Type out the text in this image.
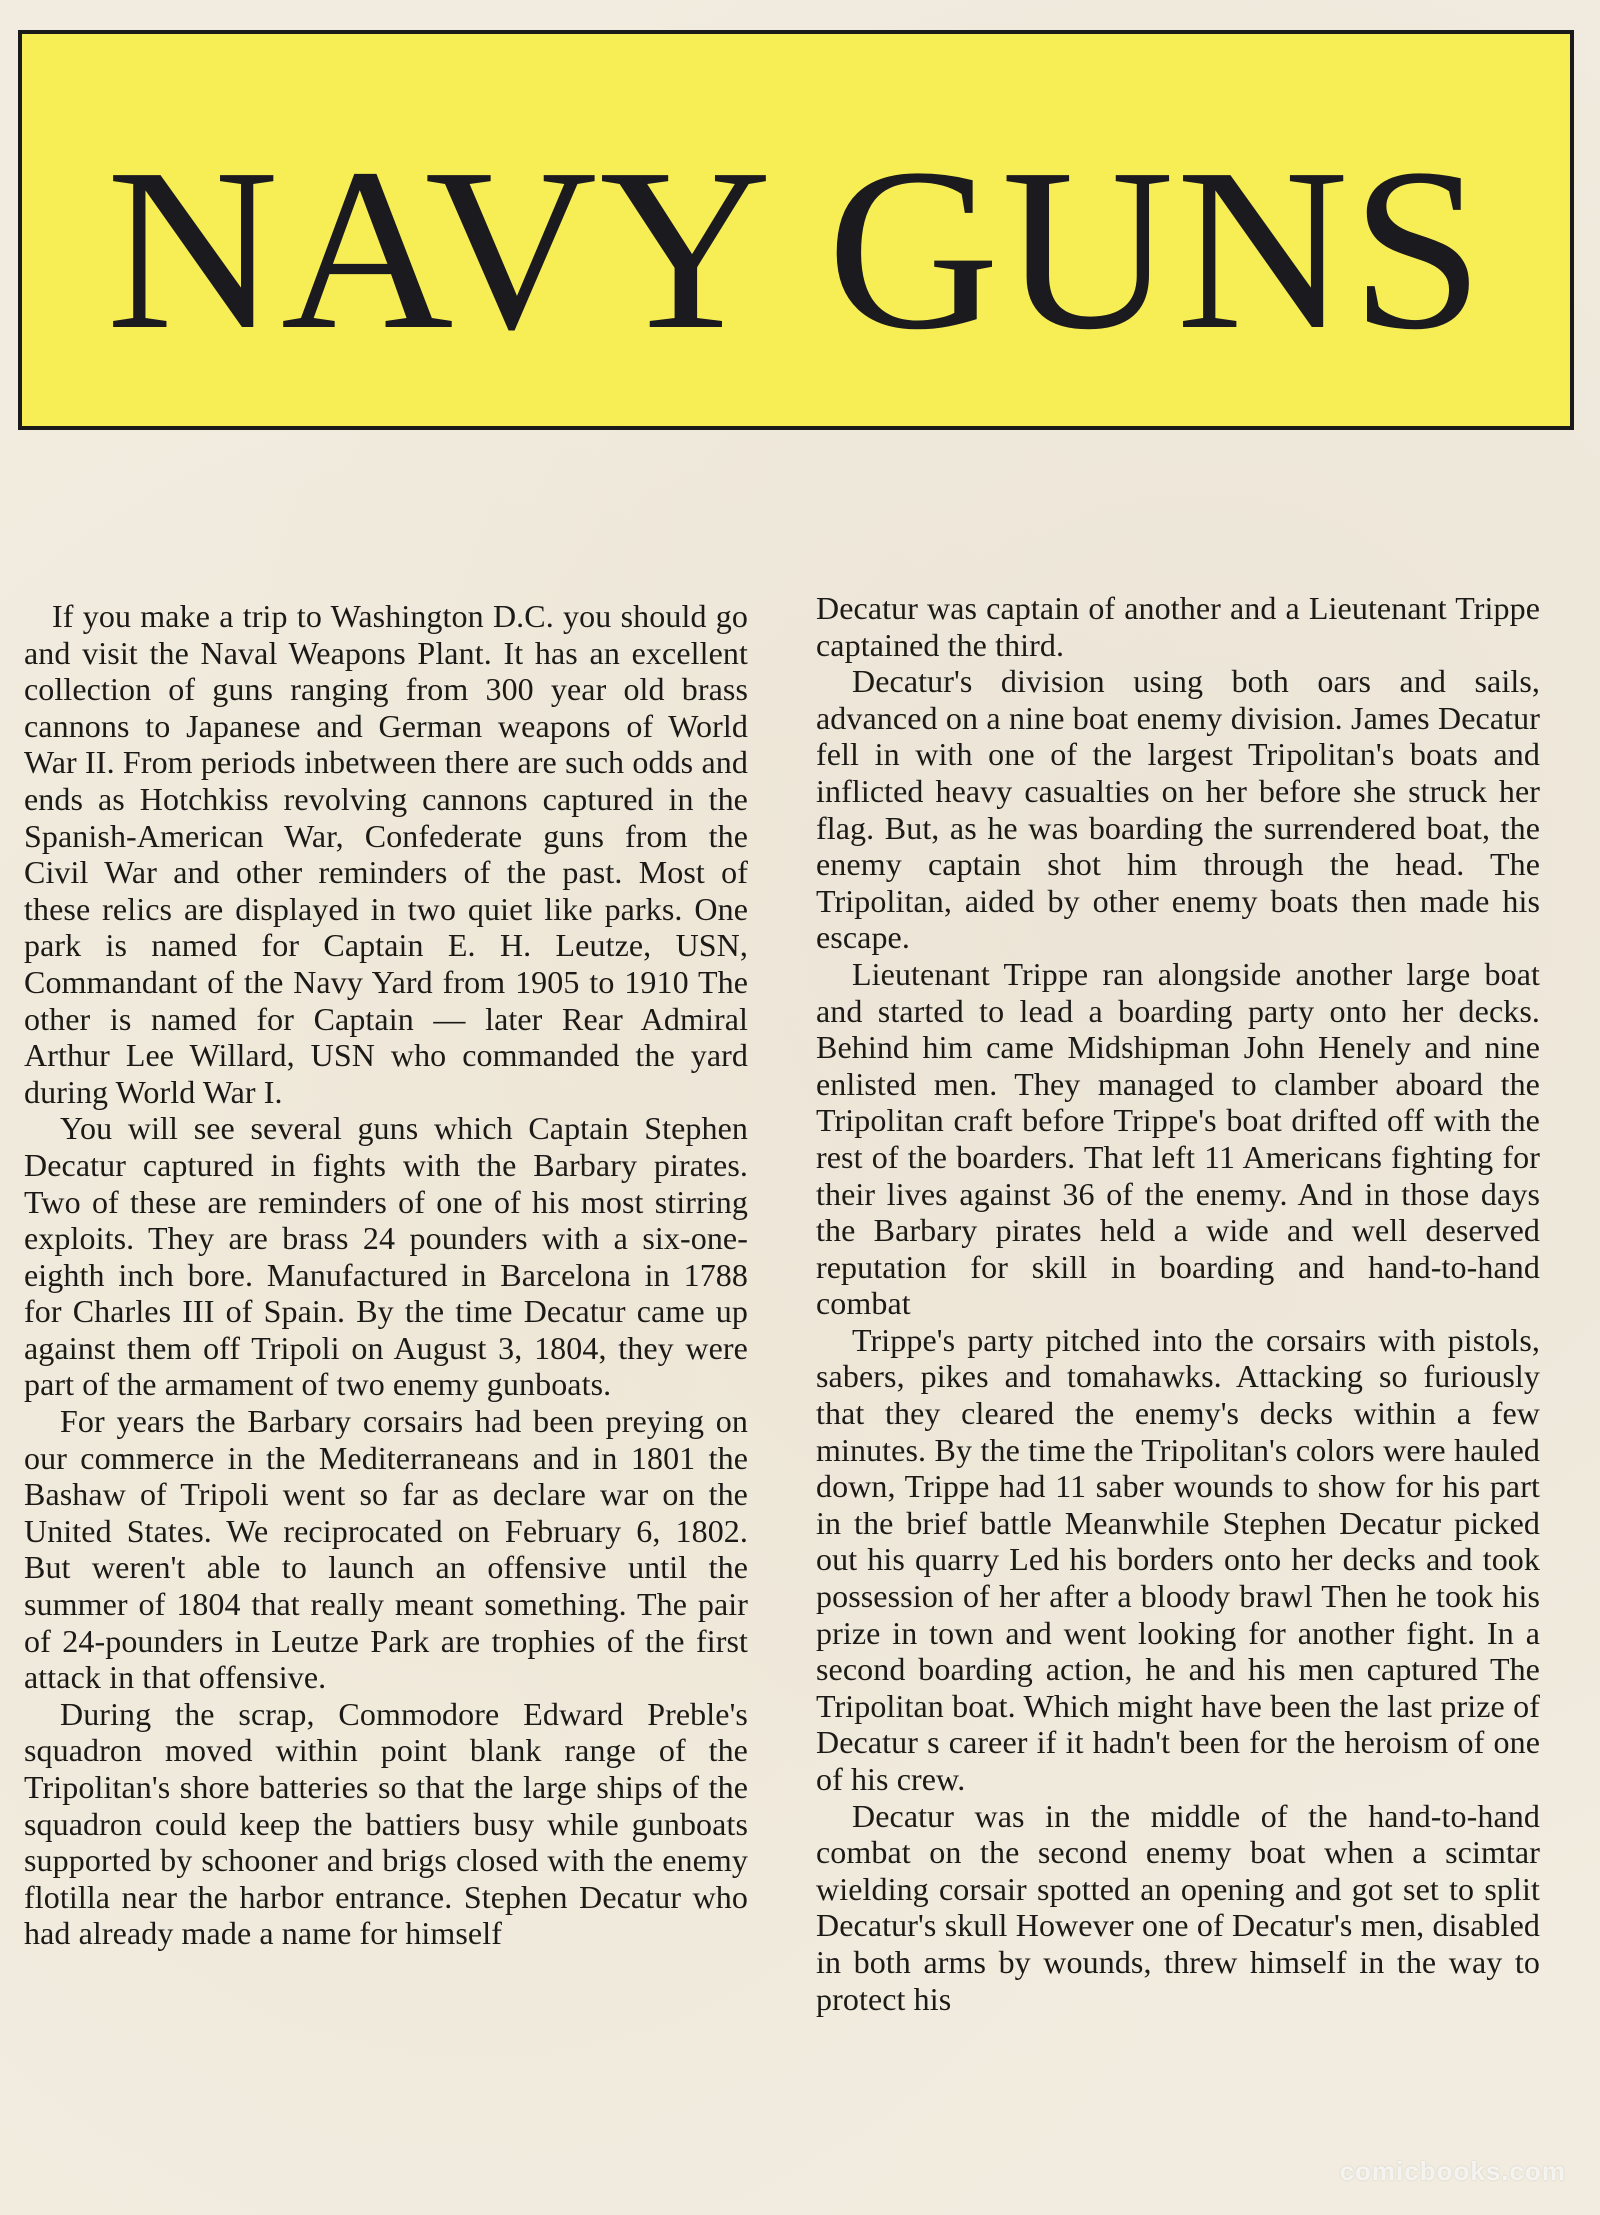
NAVY GUNS

If you make a trip to Washington D.C. you should go and visit the Naval Weapons Plant. It has an excellent collection of guns ranging from 300 year old brass cannons to Japanese and German weapons of World War II. From periods inbetween there are such odds and ends as Hotchkiss revolving cannons captured in the Spanish-American War, Confederate guns from the Civil War and other reminders of the past. Most of these relics are displayed in two quiet like parks. One park is named for Captain E. H. Leutze, USN, Commandant of the Navy Yard from 1905 to 1910 The other is named for Captain — later Rear Admiral Arthur Lee Willard, USN who commanded the yard during World War I.

You will see several guns which Captain Stephen Decatur captured in fights with the Barbary pirates. Two of these are reminders of one of his most stirring exploits. They are brass 24 pounders with a six-one-eighth inch bore. Manufactured in Barcelona in 1788 for Charles III of Spain. By the time Decatur came up against them off Tripoli on August 3, 1804, they were part of the armament of two enemy gunboats.

For years the Barbary corsairs had been preying on our commerce in the Mediterraneans and in 1801 the Bashaw of Tripoli went so far as declare war on the United States. We reciprocated on February 6, 1802. But weren't able to launch an offensive until the summer of 1804 that really meant something. The pair of 24-pounders in Leutze Park are trophies of the first attack in that offensive.

During the scrap, Commodore Edward Preble's squadron moved within point blank range of the Tripolitan's shore batteries so that the large ships of the squadron could keep the battiers busy while gunboats supported by schooner and brigs closed with the enemy flotilla near the harbor entrance. Stephen Decatur who had already made a name for himself

Decatur was captain of another and a Lieutenant Trippe captained the third.

Decatur's division using both oars and sails, advanced on a nine boat enemy division. James Decatur fell in with one of the largest Tripolitan's boats and inflicted heavy casualties on her before she struck her flag. But, as he was boarding the surrendered boat, the enemy captain shot him through the head. The Tripolitan, aided by other enemy boats then made his escape.

Lieutenant Trippe ran alongside another large boat and started to lead a boarding party onto her decks. Behind him came Midshipman John Henely and nine enlisted men. They managed to clamber aboard the Tripolitan craft before Trippe's boat drifted off with the rest of the boarders. That left 11 Americans fighting for their lives against 36 of the enemy. And in those days the Barbary pirates held a wide and well deserved reputation for skill in boarding and hand-to-hand combat

Trippe's party pitched into the corsairs with pistols, sabers, pikes and tomahawks. Attacking so furiously that they cleared the enemy's decks within a few minutes. By the time the Tripolitan's colors were hauled down, Trippe had 11 saber wounds to show for his part in the brief battle Meanwhile Stephen Decatur picked out his quarry Led his borders onto her decks and took possession of her after a bloody brawl Then he took his prize in town and went looking for another fight. In a second boarding action, he and his men captured The Tripolitan boat. Which might have been the last prize of Decatur s career if it hadn't been for the heroism of one of his crew.

Decatur was in the middle of the hand-to-hand combat on the second enemy boat when a scimtar wielding corsair spotted an opening and got set to split Decatur's skull However one of Decatur's men, disabled in both arms by wounds, threw himself in the way to protect his

comicbooks.com
